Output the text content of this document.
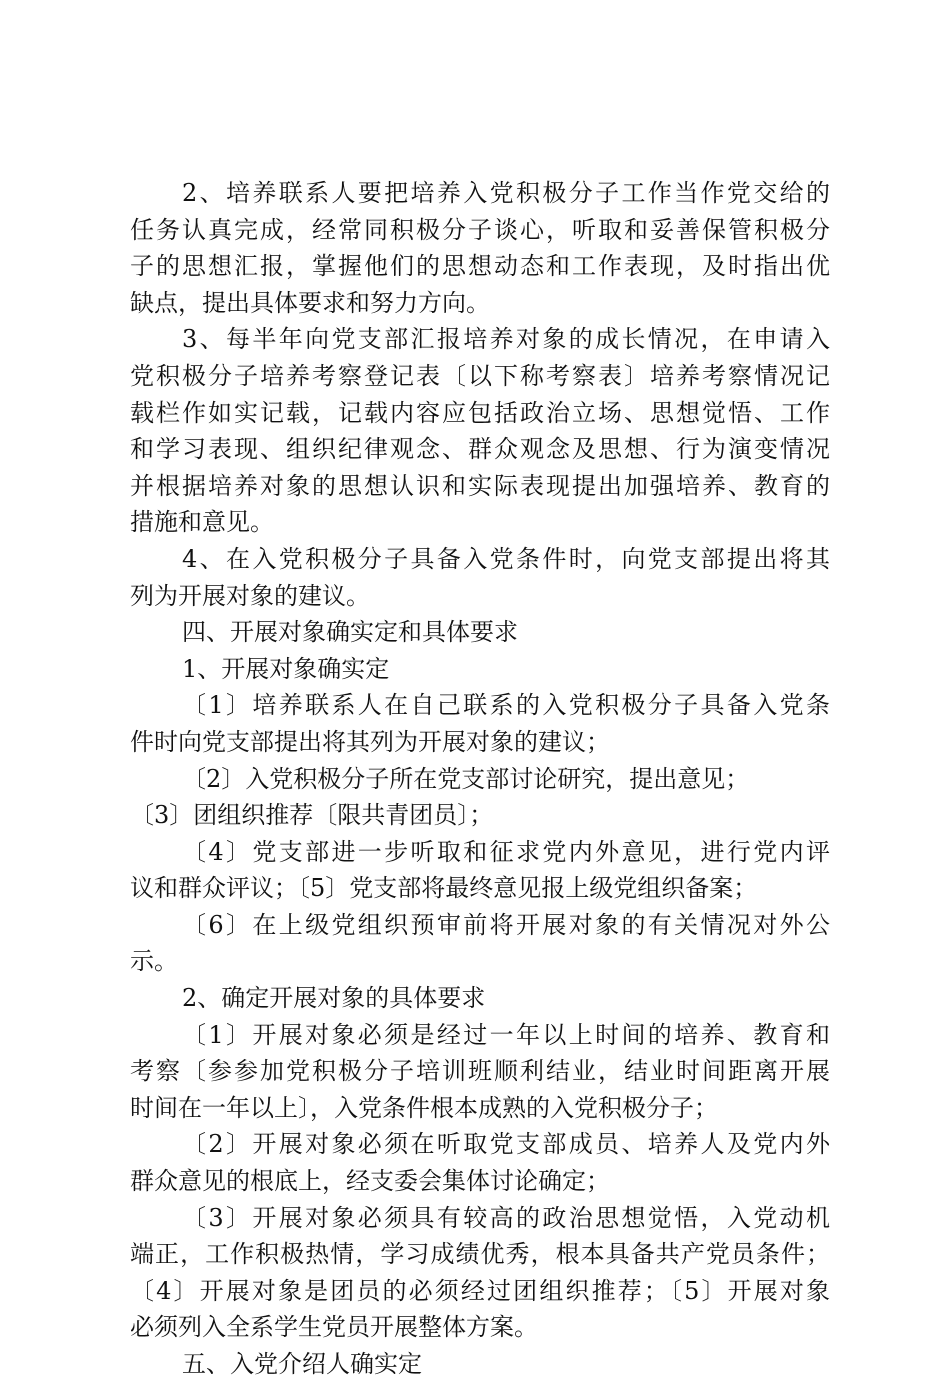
2、培养联系人要把培养入党积极分子工作当作党交给的
任务认真完成，经常同积极分子谈心，听取和妥善保管积极分
子的思想汇报，掌握他们的思想动态和工作表现，及时指出优
缺点，提出具体要求和努力方向。
3、每半年向党支部汇报培养对象的成长情况，在申请入
党积极分子培养考察登记表〔以下称考察表〕培养考察情况记
载栏作如实记载，记载内容应包括政治立场、思想觉悟、工作
和学习表现、组织纪律观念、群众观念及思想、行为演变情况
并根据培养对象的思想认识和实际表现提出加强培养、教育的
措施和意见。
4、在入党积极分子具备入党条件时，向党支部提出将其
列为开展对象的建议。
四、开展对象确实定和具体要求
1、开展对象确实定
〔1〕培养联系人在自己联系的入党积极分子具备入党条
件时向党支部提出将其列为开展对象的建议；
〔2〕入党积极分子所在党支部讨论研究，提出意见；
〔3〕团组织推荐〔限共青团员〕；
〔4〕党支部进一步听取和征求党内外意见，进行党内评
议和群众评议；〔5〕党支部将最终意见报上级党组织备案；
〔6〕在上级党组织预审前将开展对象的有关情况对外公
示。
2、确定开展对象的具体要求
〔1〕开展对象必须是经过一年以上时间的培养、教育和
考察〔参参加党积极分子培训班顺利结业，结业时间距离开展
时间在一年以上〕，入党条件根本成熟的入党积极分子；
〔2〕开展对象必须在听取党支部成员、培养人及党内外
群众意见的根底上，经支委会集体讨论确定；
〔3〕开展对象必须具有较高的政治思想觉悟，入党动机
端正，工作积极热情，学习成绩优秀，根本具备共产党员条件；
〔4〕开展对象是团员的必须经过团组织推荐；〔5〕开展对象
必须列入全系学生党员开展整体方案。
五、入党介绍人确实定
